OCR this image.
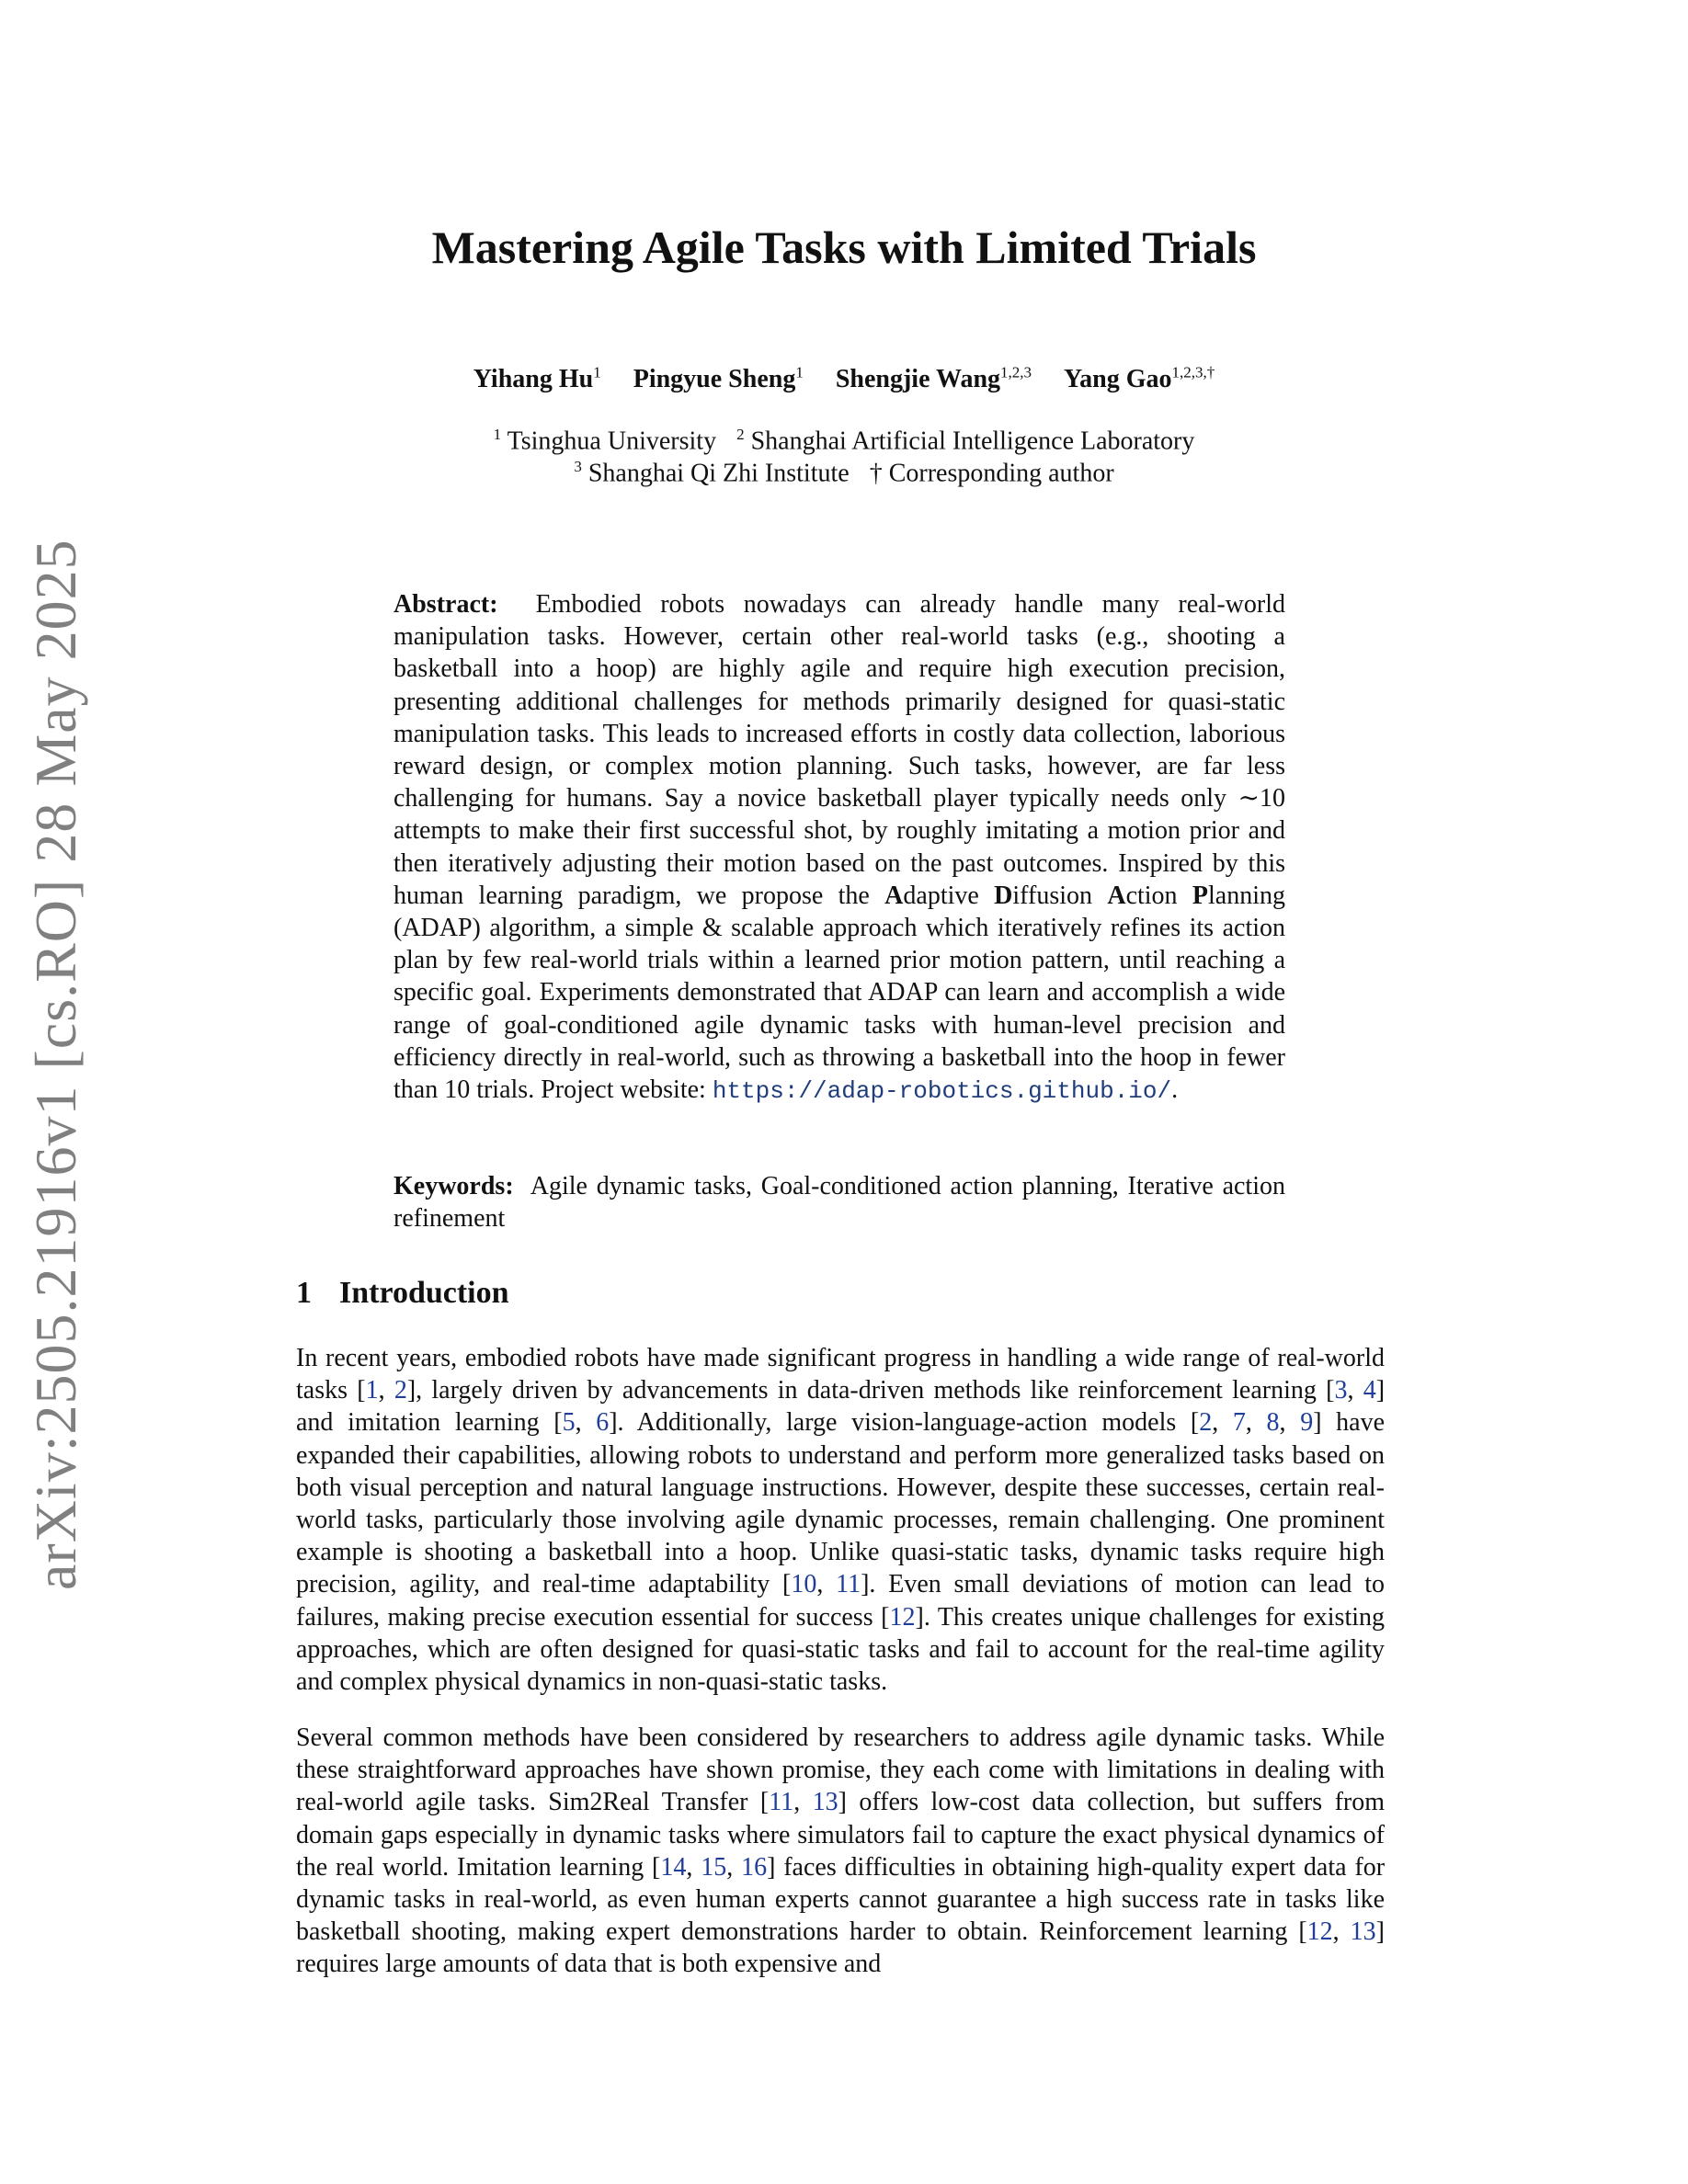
arXiv:2505.21916v1 [cs.RO] 28 May 2025
Mastering Agile Tasks with Limited Trials
Yihang Hu$^1$ Pingyue Sheng$^1$ Shengjie Wang$^{1,2,3}$ Yang Gao$^{1,2,3,\dagger}$
$^1$ Tsinghua University $^2$ Shanghai Artificial Intelligence Laboratory
$^3$ Shanghai Qi Zhi Institute † Corresponding author

Abstract: Embodied robots nowadays can already handle many real-world manipulation tasks. However, certain other real-world tasks (e.g., shooting a basketball into a hoop) are highly agile and require high execution precision, presenting additional challenges for methods primarily designed for quasi-static manipulation tasks. This leads to increased efforts in costly data collection, laborious reward design, or complex motion planning. Such tasks, however, are far less challenging for humans. Say a novice basketball player typically needs only ∼10 attempts to make their first successful shot, by roughly imitating a motion prior and then iteratively adjusting their motion based on the past outcomes. Inspired by this human learning paradigm, we propose the Adaptive Diffusion Action Planning (ADAP) algorithm, a simple & scalable approach which iteratively refines its action plan by few real-world trials within a learned prior motion pattern, until reaching a specific goal. Experiments demonstrated that ADAP can learn and accomplish a wide range of goal-conditioned agile dynamic tasks with human-level precision and efficiency directly in real-world, such as throwing a basketball into the hoop in fewer than 10 trials. Project website: https://adap-robotics.github.io/.

Keywords: Agile dynamic tasks, Goal-conditioned action planning, Iterative action refinement
1 Introduction

In recent years, embodied robots have made significant progress in handling a wide range of real-world tasks [1, 2], largely driven by advancements in data-driven methods like reinforcement learning [3, 4] and imitation learning [5, 6]. Additionally, large vision-language-action models [2, 7, 8, 9] have expanded their capabilities, allowing robots to understand and perform more generalized tasks based on both visual perception and natural language instructions. However, despite these successes, certain real-world tasks, particularly those involving agile dynamic processes, remain challenging. One prominent example is shooting a basketball into a hoop. Unlike quasi-static tasks, dynamic tasks require high precision, agility, and real-time adaptability [10, 11]. Even small deviations of motion can lead to failures, making precise execution essential for success [12]. This creates unique challenges for existing approaches, which are often designed for quasi-static tasks and fail to account for the real-time agility and complex physical dynamics in non-quasi-static tasks.

Several common methods have been considered by researchers to address agile dynamic tasks. While these straightforward approaches have shown promise, they each come with limitations in dealing with real-world agile tasks. Sim2Real Transfer [11, 13] offers low-cost data collection, but suffers from domain gaps especially in dynamic tasks where simulators fail to capture the exact physical dynamics of the real world. Imitation learning [14, 15, 16] faces difficulties in obtaining high-quality expert data for dynamic tasks in real-world, as even human experts cannot guarantee a high success rate in tasks like basketball shooting, making expert demonstrations harder to obtain. Reinforcement learning [12, 13] requires large amounts of data that is both expensive and
